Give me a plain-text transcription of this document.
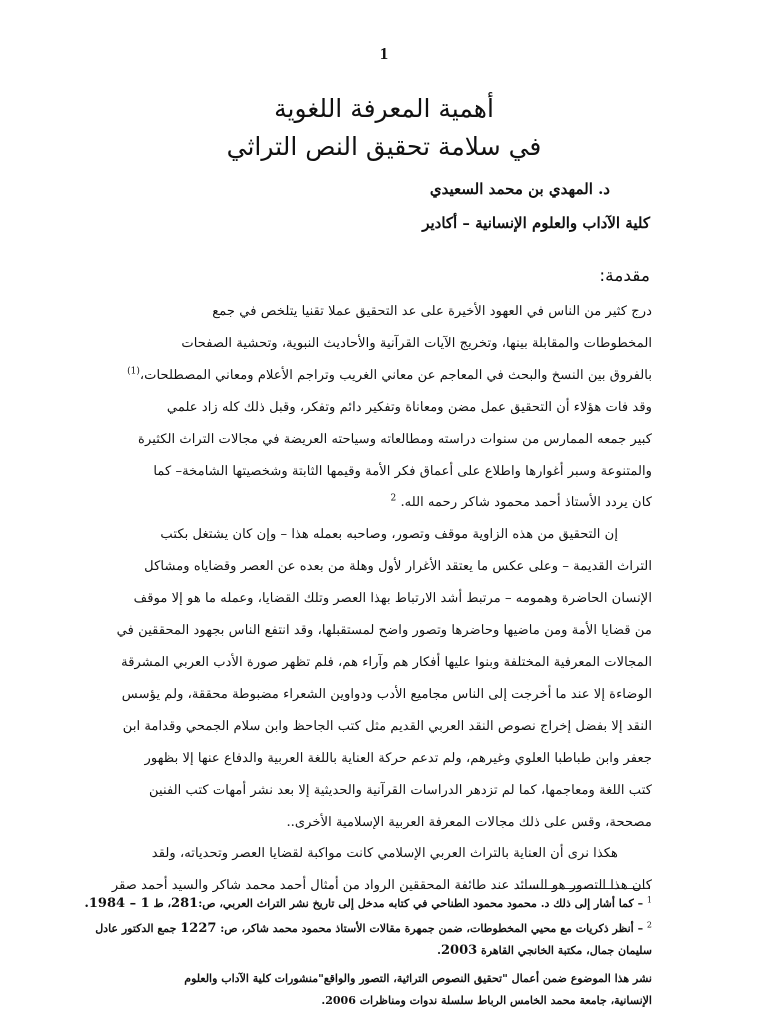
1
أهمية المعرفة اللغوية
في سلامة تحقيق النص التراثي
د. المهدي بن محمد السعيدي
كلية الآداب والعلوم الإنسانية – أكادير
مقدمة:
درج كثير من الناس في العهود الأخيرة على عد التحقيق عملا تقنيا يتلخص في جمع
المخطوطات والمقابلة بينها، وتخريج الآيات القرآنية والأحاديث النبوية، وتحشية الصفحات
بالفروق بين النسخ والبحث في المعاجم عن معاني الغريب وتراجم الأعلام ومعاني المصطلحات،$^{(1)}$
وقد فات هؤلاء أن التحقيق عمل مضن ومعاناة وتفكير دائم وتفكر، وقبل ذلك كله زاد علمي
كبير جمعه الممارس من سنوات دراسته ومطالعاته وسياحته العريضة في مجالات التراث الكثيرة
والمتنوعة وسبر أغوارها واطلاع على أعماق فكر الأمة وقيمها الثابتة وشخصيتها الشامخة– كما
كان يردد الأستاذ أحمد محمود شاكر رحمه الله. $^2$
إن التحقيق من هذه الزاوية موقف وتصور، وصاحبه بعمله هذا – وإن كان يشتغل بكتب
التراث القديمة – وعلى عكس ما يعتقد الأغرار لأول وهلة من بعده عن العصر وقضاياه ومشاكل
الإنسان الحاضرة وهمومه – مرتبط أشد الارتباط بهذا العصر وتلك القضايا، وعمله ما هو إلا موقف
من قضايا الأمة ومن ماضيها وحاضرها وتصور واضح لمستقبلها، وقد انتفع الناس بجهود المحققين في
المجالات المعرفية المختلفة وبنوا عليها أفكار هم وآراء هم، فلم تظهر صورة الأدب العربي المشرقة
الوضاءة إلا عند ما أخرجت إلى الناس مجاميع الأدب ودواوين الشعراء مضبوطة محققة، ولم يؤسس
النقد إلا بفضل إخراج نصوص النقد العربي القديم مثل كتب الجاحظ وابن سلام الجمحي وقدامة ابن
جعفر وابن طباطبا العلوي وغيرهم، ولم تدعم حركة العناية باللغة العربية والدفاع عنها إلا بظهور
كتب اللغة ومعاجمها، كما لم تزدهر الدراسات القرآنية والحديثية إلا بعد نشر أمهات كتب الفنين
مصححة، وقس على ذلك مجالات المعرفة العربية الإسلامية الأخرى..
هكذا نرى أن العناية بالتراث العربي الإسلامي كانت مواكبة لقضايا العصر وتحدياته، ولقد
كان هذا التصور هو السائد عند طائفة المحققين الرواد من أمثال أحمد محمد شاكر والسيد أحمد صقر
$^1$ – كما أشار إلى ذلك د. محمود محمود الطناحي في كتابه مدخل إلى تاريخ نشر التراث العربي، ص:281، ط 1 – 1984.
$^2$ – أنظر ذكريات مع محيي المخطوطات، ضمن جمهرة مقالات الأستاذ محمود محمد شاكر، ص: 1227 جمع الدكتور عادل
سليمان جمال، مكتبة الخانجي القاهرة 2003.
نشر هذا الموضوع ضمن أعمال "تحقيق النصوص التراثية، التصور والواقع"منشورات كلية الآداب والعلوم
الإنسانية، جامعة محمد الخامس الرباط سلسلة ندوات ومناظرات 2006.
